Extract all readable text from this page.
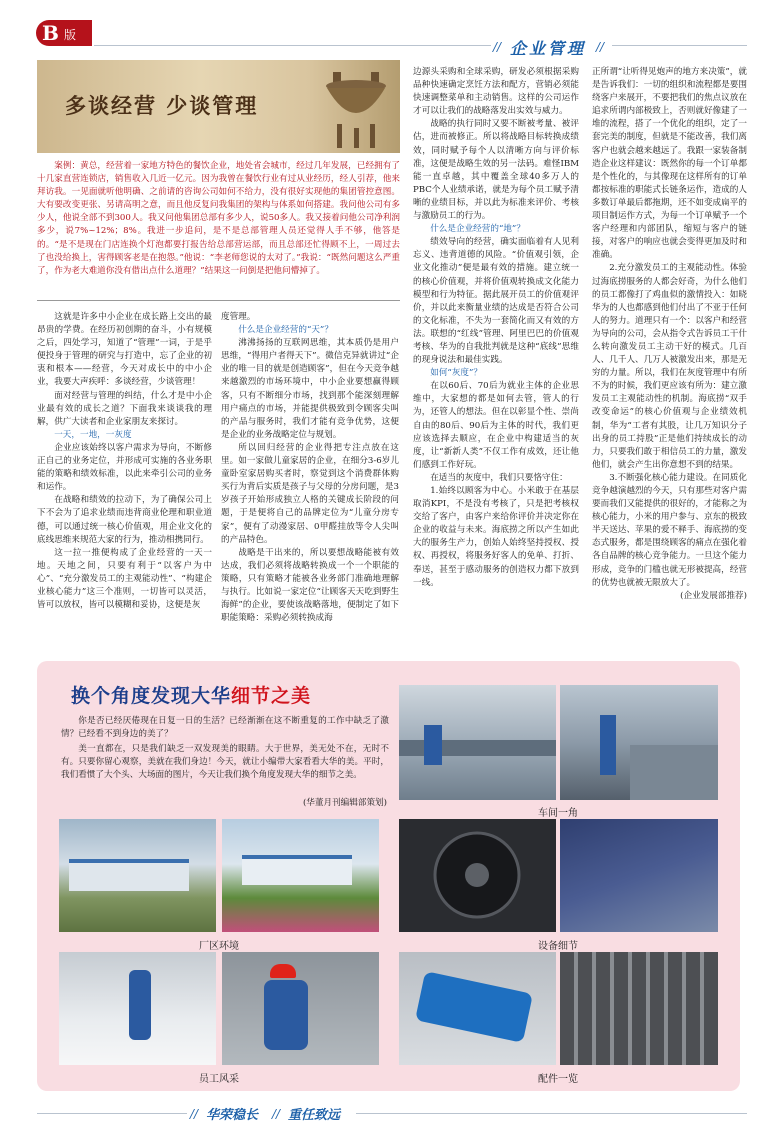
B 版
// 企业管理 //
多谈经营 少谈管理

案例：黄总，经营着一家地方特色的餐饮企业，地处省会城市，经过几年发展，已经拥有了十几家直营连锁店，销售收入几近一亿元。因为我曾在餐饮行业有过从业经历，经人引荐，他来拜访我。一见面就听他明确、之前请的咨询公司如何不给力，没有很好实现他的集团管控意图。大有要改变更张、另请高明之意，而且他反复问我集团的架构与体系如何搭建。我问他公司有多少人，他说全部不到300人。我又问他集团总部有多少人，说50多人。我又接着问他公司净利润多少，说7%~12%；8%。我进一步追问，是不是总部管理人员还觉得人手不够，他答是的。“是不是现在门店连换个灯泡都要打报告给总部营运部，而且总部还忙得顾不上，一周过去了也没给换上，害得顾客老是在抱怨。”他说：“李老师您说的太对了。”我说：“既然问题这么严重了，作为老大难道你没有借出点什么道理？”结果这一问倒是把他问懵掉了。

这就是许多中小企业在成长路上交出的最昂贵的学费。在经历初创期的奋斗，小有规模之后，四处学习，知道了“管理”一词，于是乎便投身于管理的研究与打造中，忘了企业的初衷和根本——经营，今天对成长中的中小企业，我要大声疾呼：多谈经营，少谈管理！

面对经营与管理的纠结，什么才是中小企业最有效的成长之道？下面我来谈谈我的理解，供广大读者和企业家朋友来探讨。

一天，一地，一灰度

企业应该始终以客户需求为导向，不断修正自己的业务定位，并形成可实施的各业务职能的策略和绩效标准，以此来牵引公司的业务和运作。

在战略和绩效的拉动下，为了确保公司上下不会为了追求业绩而违背商业伦理和职业道德，可以通过统一核心价值观，用企业文化的底线思维来规范大家的行为，推动相携同行。

这一拉一推便构成了企业经营的一天一地。天地之间，只要有利于“以客户为中心”、“充分激发员工的主观能动性”、“构建企业核心能力”这三个准则，一切皆可以灵活，皆可以放权，皆可以模糊和妥协，这便是灰

度管理。

什么是企业经营的“天”？

沸沸扬扬的互联网思维，其本质仍是用户思维，“得用户者得天下”。微信克异就讲过“企业的唯一目的就是创造顾客”，但在今天竞争越来越激烈的市场环境中，中小企业要想赢得顾客，只有不断细分市场，找到那个能深刻理解用户痛点的市场，并能提供极致到令顾客尖叫的产品与服务时，我们才能有竞争优势，这便是企业的业务战略定位与规划。

所以回归经营的企业得把专注点放在这里。如一家做儿童家居的企业，在细分3-6岁儿童卧室家居购买者时，察觉到这个消费群体购买行为背后实质是孩子与父母的分房问题，是3岁孩子开始形成独立人格的关键成长阶段的问题，于是便将自己的品牌定位为“儿童分房专家”，便有了动漫家居、0甲醛挂放等令人尖叫的产品特色。

战略是干出来的，所以要想战略能被有效达成，我们必须将战略转换成一个一个职能的策略，只有策略才能被各业务部门准确地理解与执行。比如说一家定位“让顾客天天吃到野生海鲜”的企业，要使该战略落地，便制定了如下职能策略：采购必须转换成海

边源头采购和全球采购，研发必须根据采购品种快速确定烹饪方法和配方，营销必须能快速调整菜单和主动销售。这样的公司运作才可以让我们的战略落发出实效与威力。

战略的执行同时又要不断被考量、被评估，进而被修正。所以将战略目标转换成绩效，同时赋予每个人以清晰方向与评价标准，这便是战略生效的另一法码。难怪IBM能一直卓越，其中覆盖全球40多万人的PBC个人业绩承诺，就是为每个员工赋予清晰的业绩目标，并以此为标准来评价、考核与激励员工的行为。

什么是企业经营的“地”？

绩效导向的经营，确实面临着有人见利忘义、违背道德的风险。“价值观引领，企业文化推动”便是最有效的措施。建立统一的核心价值观，并将价值观转换成文化能力模型和行为特征。据此展开员工的价值观评价，并以此来衡量业绩的达成是否符合公司的文化标准，不失为一套简化而又有效的方法。联想的“红线”管理、阿里巴巴的价值观考核、华为的自我批判就是这种“底线”思维的现身说法和最佳实践。

如何“灰度”？

在以60后、70后为就业主体的企业思维中，大家想的都是如何去管，管人的行为，还管人的想法。但在以彰显个性、崇尚自由的80后、90后为主体的时代，我们更应该选择去顺应，在企业中构建适当的灰度，让“新新人类”不仅工作有成效，还让他们感到工作好玩。

在适当的灰度中，我们只要恪守住：

1.始终以顾客为中心。小米敢于在基层取消KPI，不是没有考核了，只是把考核权交给了客户，由客户来给你评价并决定你在企业的收益与未来。海底捞之所以产生如此大的服务生产力，创始人始终坚持授权、授权、再授权，将服务好客人的免单、打折、奉送，甚至于感动服务的创造权力都下放到一线。

正所谓“让听得见炮声的地方来决策”，就是告诉我们：一切的组织和流程都是要围绕客户来展开，不要把我们的焦点议放在追求所谓内部极致上，否则就好像建了一堆的流程，搭了一个优化的组织，定了一套完美的制度，但就是不能改善，我们离客户也就会越来越远了。我跟一家装备制造企业这样建议：既然你的每一个订单都是个性化的，与其像现在这样所有的订单都按标准的职能式长链条运作，造成的人多数订单最后都拖期，还不如变成扁平的项目制运作方式，为每一个订单赋予一个客户经理和内部团队，缩短与客户的链接，对客户的响应也就会变得更加及时和准确。

2.充分激发员工的主观能动性。体验过海底捞服务的人都会好奇，为什么他们的员工都像打了鸡血似的激情投入：如晓华为的人也都感到他们付出了不亚于任何人的努力。道理只有一个：以客户和经营为导向的公司，会从指令式告诉员工干什么转向激发员工主动干好的模式。几百人、几千人、几万人被激发出来，那是无穷的力量。所以，我们在灰度管理中有所不为的时候，我们更应该有所为：建立激发员工主观能动性的机制。海底捞“双手改变命运”的核心价值观与企业绩效机制，华为“工者有其股，让几万知识分子出身的员工持股”正是他们持续成长的动力，只要我们敢于相信员工的力量，激发他们，就会产生出你意想不到的结果。

3.不断强化核心能力建设。在同质化竞争越演越烈的今天，只有那些对客户需要而我们又能提供的很好的，才能称之为核心能力，小米的用户参与、京东的极致半天送达、苹果的爱不释手、海底捞的变态式服务，都是围绕顾客的痛点在强化着各自品牌的核心竞争能力。一旦这个能力形成，竞争的门槛也就无形被提高，经营的优势也就被无限放大了。

(企业发展部推荐)

换个角度发现大华细节之美

你是否已经厌倦现在日复一日的生活？已经渐渐在这不断重复的工作中缺乏了激情？已经看不到身边的美了？

美一直都在，只是我们缺乏一双发现美的眼睛。大于世界，美无处不在，无时不有。只要你留心观察，美就在我们身边！今天，就让小编带大家看看大华的美。平时，我们看惯了大个头、大场面的图片，今天让我们换个角度发现大华的细节之美。

(华董月刊编辑部策划)

车间一角
厂区环境	设备细节
员工风采	配件一览
// 华荣稳长 // 重任致远
